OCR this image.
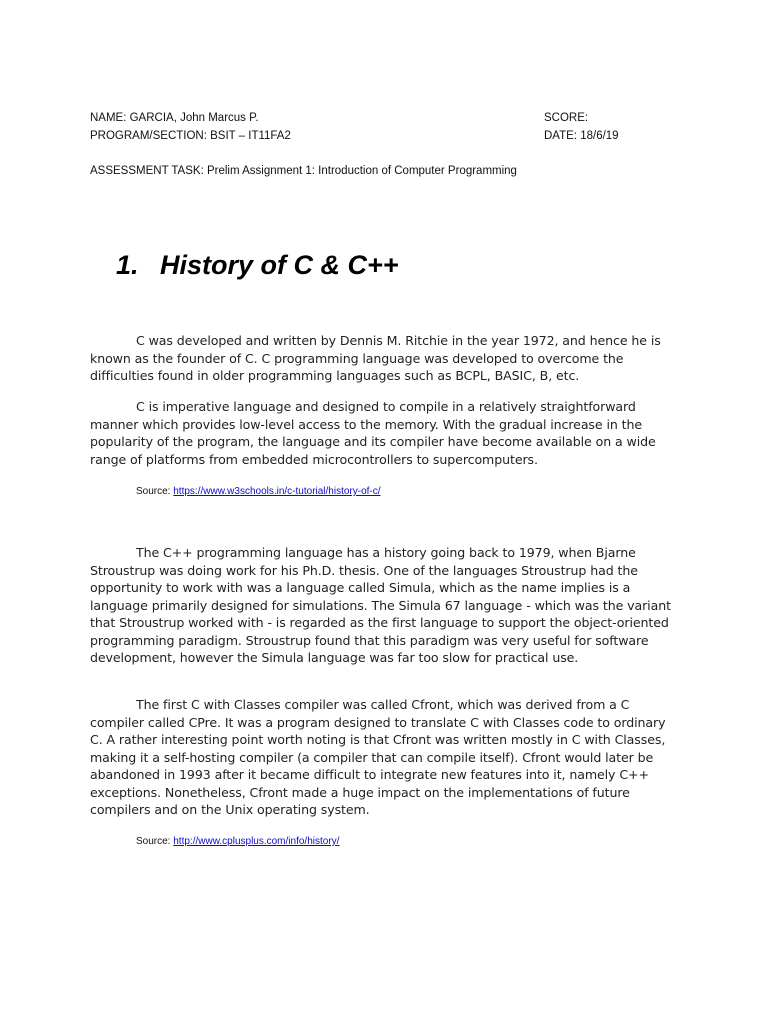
NAME: GARCIA, John Marcus P.	SCORE:
PROGRAM/SECTION: BSIT – IT11FA2	DATE: 18/6/19
ASSESSMENT TASK: Prelim Assignment 1: Introduction of Computer Programming
1. History of C & C++

C was developed and written by Dennis M. Ritchie in the year 1972, and hence he is known as the founder of C. C programming language was developed to overcome the difficulties found in older programming languages such as BCPL, BASIC, B, etc.

C is imperative language and designed to compile in a relatively straightforward manner which provides low-level access to the memory. With the gradual increase in the popularity of the program, the language and its compiler have become available on a wide range of platforms from embedded microcontrollers to supercomputers.

Source: https://www.w3schools.in/c-tutorial/history-of-c/

The C++ programming language has a history going back to 1979, when Bjarne Stroustrup was doing work for his Ph.D. thesis. One of the languages Stroustrup had the opportunity to work with was a language called Simula, which as the name implies is a language primarily designed for simulations. The Simula 67 language - which was the variant that Stroustrup worked with - is regarded as the first language to support the object-oriented programming paradigm. Stroustrup found that this paradigm was very useful for software development, however the Simula language was far too slow for practical use.

The first C with Classes compiler was called Cfront, which was derived from a C compiler called CPre. It was a program designed to translate C with Classes code to ordinary C. A rather interesting point worth noting is that Cfront was written mostly in C with Classes, making it a self-hosting compiler (a compiler that can compile itself). Cfront would later be abandoned in 1993 after it became difficult to integrate new features into it, namely C++ exceptions. Nonetheless, Cfront made a huge impact on the implementations of future compilers and on the Unix operating system.

Source: http://www.cplusplus.com/info/history/
